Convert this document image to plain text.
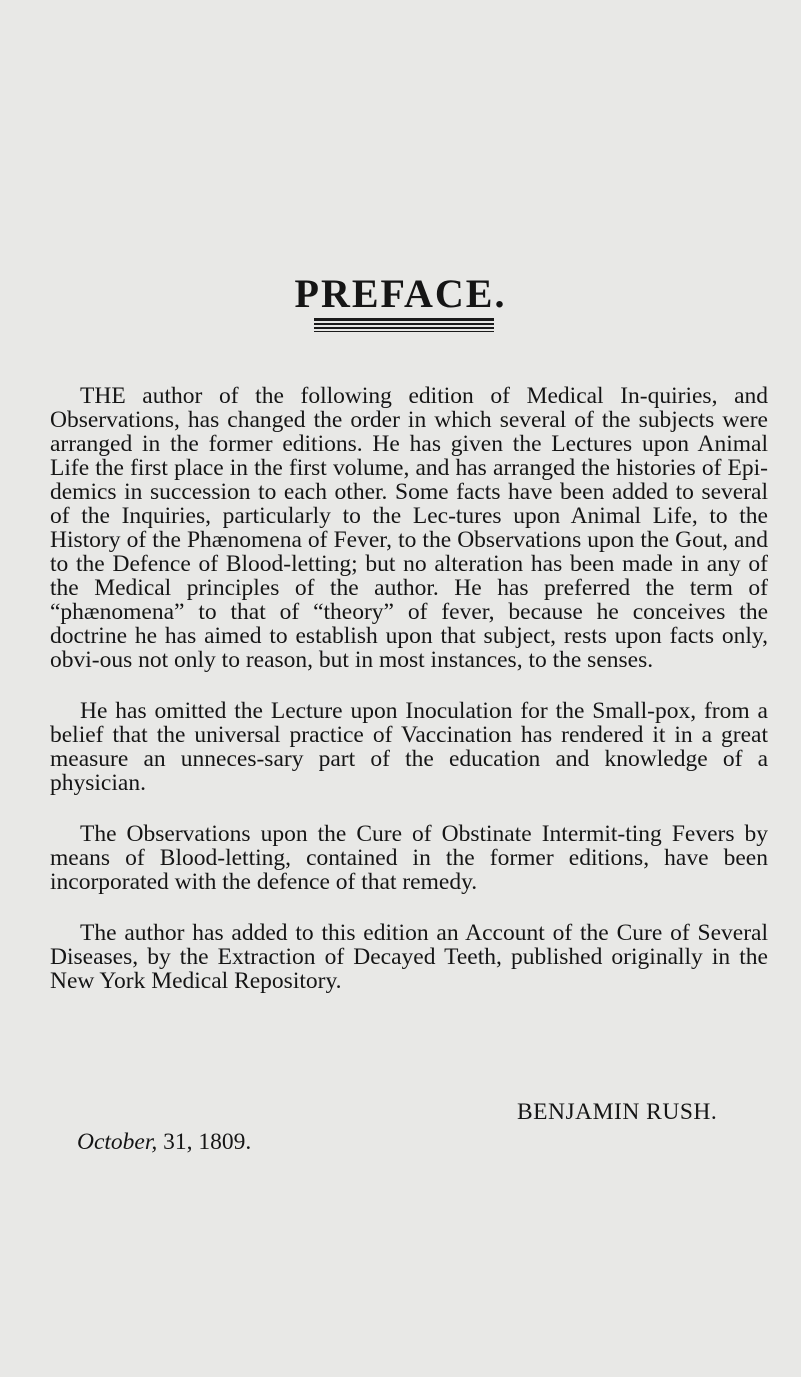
PREFACE.

THE author of the following edition of Medical In-quiries, and Observations, has changed the order in which several of the subjects were arranged in the former editions. He has given the Lectures upon Animal Life the first place in the first volume, and has arranged the histories of Epi-demics in succession to each other. Some facts have been added to several of the Inquiries, particularly to the Lec-tures upon Animal Life, to the History of the Phænomena of Fever, to the Observations upon the Gout, and to the Defence of Blood-letting; but no alteration has been made in any of the Medical principles of the author. He has preferred the term of “phænomena” to that of “theory” of fever, because he conceives the doctrine he has aimed to establish upon that subject, rests upon facts only, obvi-ous not only to reason, but in most instances, to the senses.

He has omitted the Lecture upon Inoculation for the Small-pox, from a belief that the universal practice of Vaccination has rendered it in a great measure an unneces-sary part of the education and knowledge of a physician.

The Observations upon the Cure of Obstinate Intermit-ting Fevers by means of Blood-letting, contained in the former editions, have been incorporated with the defence of that remedy.

The author has added to this edition an Account of the Cure of Several Diseases, by the Extraction of Decayed Teeth, published originally in the New York Medical Repository.

BENJAMIN RUSH.
October, 31, 1809.
